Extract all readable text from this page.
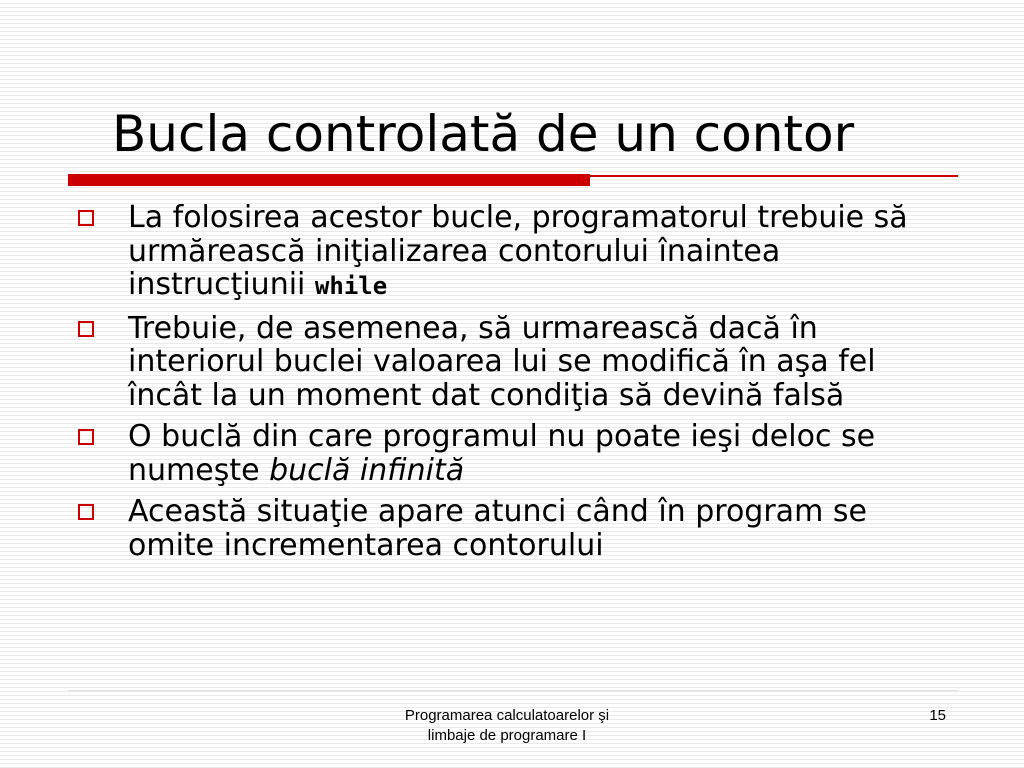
Bucla controlată de un contor
La folosirea acestor bucle, programatorul trebuie să urmărească iniţializarea contorului înaintea instrucţiunii while
Trebuie, de asemenea, să urmarească dacă în interiorul buclei valoarea lui se modifică în aşa fel încât la un moment dat condiţia să devină falsă
O buclă din care programul nu poate ieşi deloc se numeşte buclă infinită
Această situaţie apare atunci când în program se omite incrementarea contorului
Programarea calculatoarelor şi
limbaje de programare I
15
